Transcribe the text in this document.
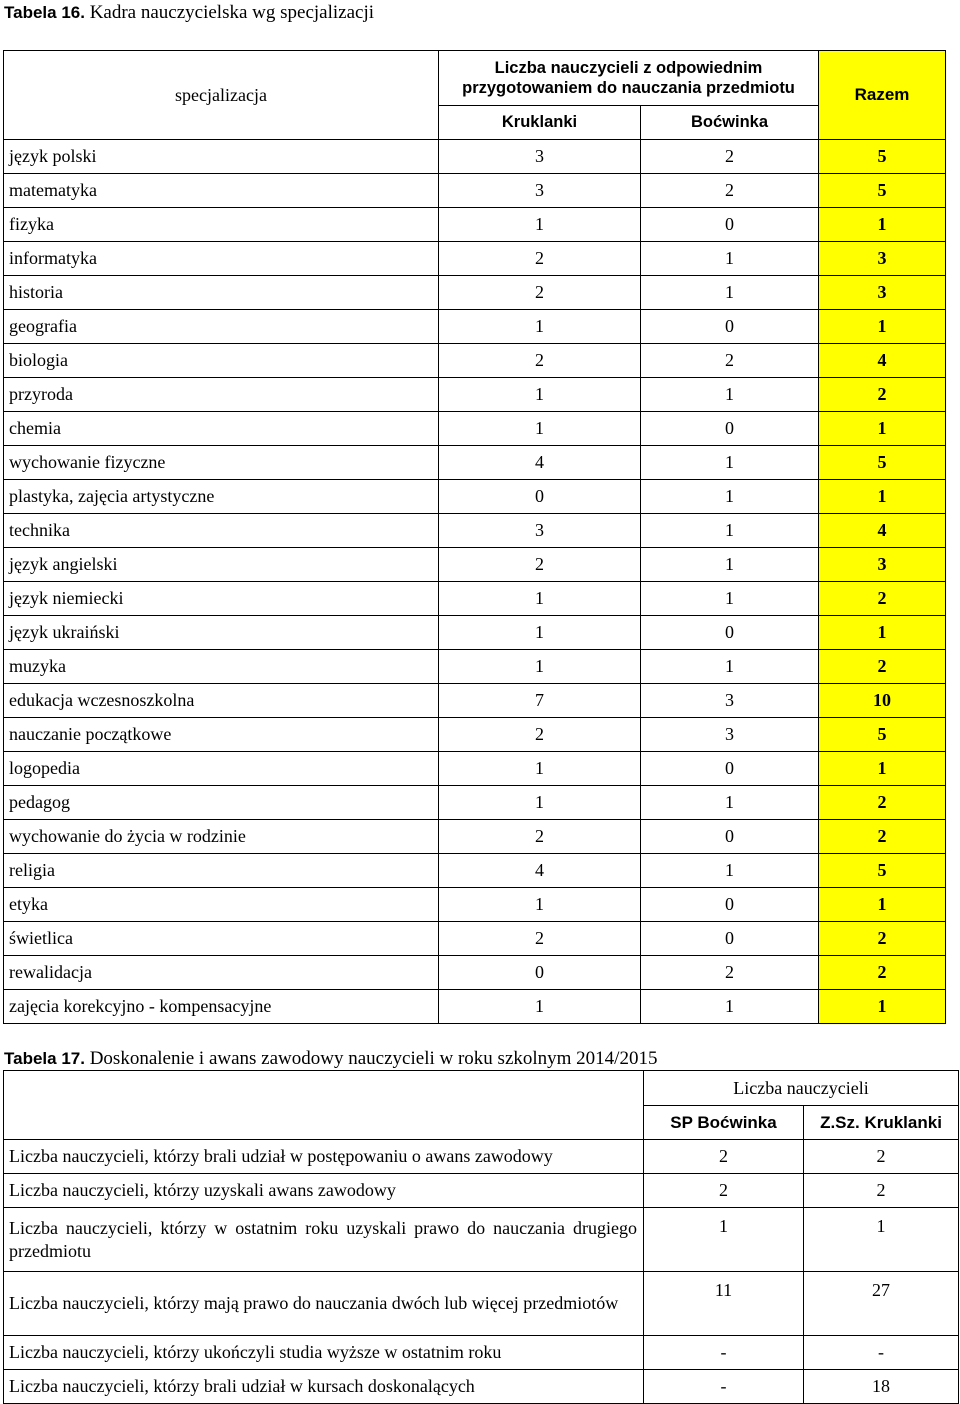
Tabela 16. Kadra nauczycielska wg specjalizacji
specjalizacja	Liczba nauczycieli z odpowiednim
przygotowaniem do nauczania przedmiotu		Razem
	Kruklanki	Boćwinka	
język polski	3	2	5
matematyka	3	2	5
fizyka	1	0	1
informatyka	2	1	3
historia	2	1	3
geografia	1	0	1
biologia	2	2	4
przyroda	1	1	2
chemia	1	0	1
wychowanie fizyczne	4	1	5
plastyka, zajęcia artystyczne	0	1	1
technika	3	1	4
język angielski	2	1	3
język niemiecki	1	1	2
język ukraiński	1	0	1
muzyka	1	1	2
edukacja wczesnoszkolna	7	3	10
nauczanie początkowe	2	3	5
logopedia	1	0	1
pedagog	1	1	2
wychowanie do życia w rodzinie	2	0	2
religia	4	1	5
etyka	1	0	1
świetlica	2	0	2
rewalidacja	0	2	2
zajęcia korekcyjno - kompensacyjne	1	1	1
Tabela 17. Doskonalenie i awans zawodowy nauczycieli w roku szkolnym 2014/2015
	Liczba nauczycieli	
	SP Boćwinka	Z.Sz. Kruklanki
Liczba nauczycieli, którzy brali udział w postępowaniu o awans zawodowy	2	2
Liczba nauczycieli, którzy uzyskali awans zawodowy	2	2
Liczba nauczycieli, którzy w ostatnim roku uzyskali prawo do nauczania drugiego przedmiotu	1	1
Liczba nauczycieli, którzy mają prawo do nauczania dwóch lub więcej przedmiotów	11	27
Liczba nauczycieli, którzy ukończyli studia wyższe w ostatnim roku	-	-
Liczba nauczycieli, którzy brali udział w kursach doskonalących	-	18
